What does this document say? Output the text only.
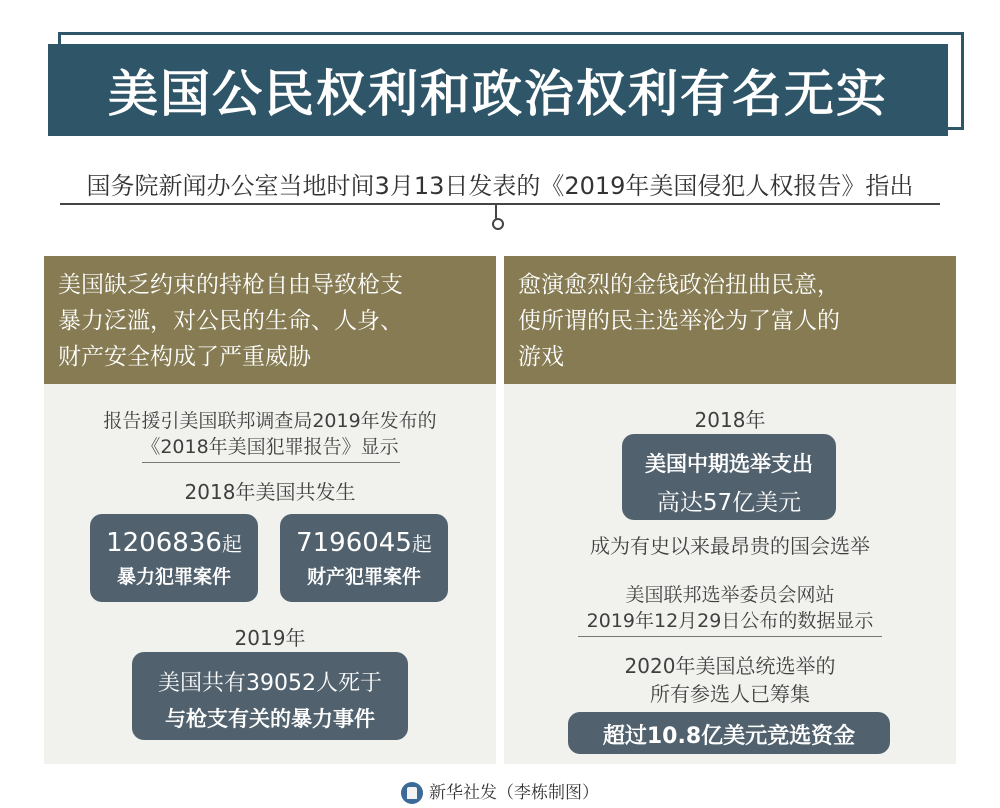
美国公民权利和政治权利有名无实
国务院新闻办公室当地时间3月13日发表的《2019年美国侵犯人权报告》指出
美国缺乏约束的持枪自由导致枪支
暴力泛滥，对公民的生命、人身、
财产安全构成了严重威胁
报告援引美国联邦调查局2019年发布的
《2018年美国犯罪报告》显示
2018年美国共发生
1206836起
暴力犯罪案件
7196045起
财产犯罪案件
2019年
美国共有39052人死于
与枪支有关的暴力事件
愈演愈烈的金钱政治扭曲民意，
使所谓的民主选举沦为了富人的
游戏
2018年
美国中期选举支出
高达57亿美元
成为有史以来最昂贵的国会选举
美国联邦选举委员会网站
2019年12月29日公布的数据显示
2020年美国总统选举的
所有参选人已筹集
超过10.8亿美元竞选资金
新华社发（李栋制图）
